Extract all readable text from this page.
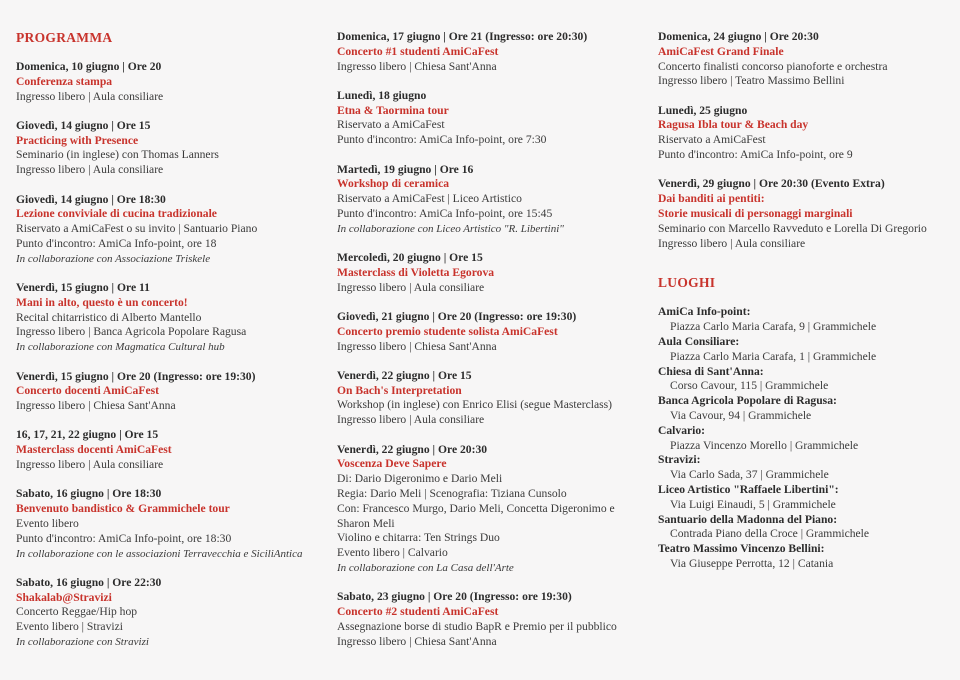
PROGRAMMA
Domenica, 10 giugno | Ore 20
Conferenza stampa
Ingresso libero | Aula consiliare
Giovedì, 14 giugno | Ore 15
Practicing with Presence
Seminario (in inglese) con Thomas Lanners
Ingresso libero | Aula consiliare
Giovedì, 14 giugno | Ore 18:30
Lezione conviviale di cucina tradizionale
Riservato a AmiCaFest o su invito | Santuario Piano
Punto d'incontro: AmiCa Info-point, ore 18
In collaborazione con Associazione Triskele
Venerdì, 15 giugno | Ore 11
Mani in alto, questo è un concerto!
Recital chitarristico di Alberto Mantello
Ingresso libero | Banca Agricola Popolare Ragusa
In collaborazione con Magmatica Cultural hub
Venerdì, 15 giugno | Ore 20 (Ingresso: ore 19:30)
Concerto docenti AmiCaFest
Ingresso libero | Chiesa Sant'Anna
16, 17, 21, 22 giugno | Ore 15
Masterclass docenti AmiCaFest
Ingresso libero | Aula consiliare
Sabato, 16 giugno | Ore 18:30
Benvenuto bandistico & Grammichele tour
Evento libero
Punto d'incontro: AmiCa Info-point, ore 18:30
In collaborazione con le associazioni Terravecchia e SiciliAntica
Sabato, 16 giugno | Ore 22:30
Shakalab@Stravizi
Concerto Reggae/Hip hop
Evento libero | Stravizi
In collaborazione con Stravizi
Domenica, 17 giugno | Ore 21 (Ingresso: ore 20:30)
Concerto #1 studenti AmiCaFest
Ingresso libero | Chiesa Sant'Anna
Lunedì, 18 giugno
Etna & Taormina tour
Riservato a AmiCaFest
Punto d'incontro: AmiCa Info-point, ore 7:30
Martedì, 19 giugno | Ore 16
Workshop di ceramica
Riservato a AmiCaFest | Liceo Artistico
Punto d'incontro: AmiCa Info-point, ore 15:45
In collaborazione con Liceo Artistico "R. Libertini"
Mercoledì, 20 giugno | Ore 15
Masterclass di Violetta Egorova
Ingresso libero | Aula consiliare
Giovedì, 21 giugno | Ore 20 (Ingresso: ore 19:30)
Concerto premio studente solista AmiCaFest
Ingresso libero | Chiesa Sant'Anna
Venerdì, 22 giugno | Ore 15
On Bach's Interpretation
Workshop (in inglese) con Enrico Elisi (segue Masterclass)
Ingresso libero | Aula consiliare
Venerdì, 22 giugno | Ore 20:30
Voscenza Deve Sapere
Di: Dario Digeronimo e Dario Meli
Regia: Dario Meli | Scenografia: Tiziana Cunsolo
Con: Francesco Murgo, Dario Meli, Concetta Digeronimo e
Sharon Meli
Violino e chitarra: Ten Strings Duo
Evento libero | Calvario
In collaborazione con La Casa dell'Arte
Sabato, 23 giugno | Ore 20 (Ingresso: ore 19:30)
Concerto #2 studenti AmiCaFest
Assegnazione borse di studio BapR e Premio per il pubblico
Ingresso libero | Chiesa Sant'Anna
Domenica, 24 giugno | Ore 20:30
AmiCaFest Grand Finale
Concerto finalisti concorso pianoforte e orchestra
Ingresso libero | Teatro Massimo Bellini
Lunedì, 25 giugno
Ragusa Ibla tour & Beach day
Riservato a AmiCaFest
Punto d'incontro: AmiCa Info-point, ore 9
Venerdì, 29 giugno | Ore 20:30 (Evento Extra)
Dai banditi ai pentiti:
Storie musicali di personaggi marginali
Seminario con Marcello Ravveduto e Lorella Di Gregorio
Ingresso libero | Aula consiliare
LUOGHI
AmiCa Info-point:
Piazza Carlo Maria Carafa, 9 | Grammichele
Aula Consiliare:
Piazza Carlo Maria Carafa, 1 | Grammichele
Chiesa di Sant'Anna:
Corso Cavour, 115 | Grammichele
Banca Agricola Popolare di Ragusa:
Via Cavour, 94 | Grammichele
Calvario:
Piazza Vincenzo Morello | Grammichele
Stravizi:
Via Carlo Sada, 37 | Grammichele
Liceo Artistico "Raffaele Libertini":
Via Luigi Einaudi, 5 | Grammichele
Santuario della Madonna del Piano:
Contrada Piano della Croce | Grammichele
Teatro Massimo Vincenzo Bellini:
Via Giuseppe Perrotta, 12 | Catania
